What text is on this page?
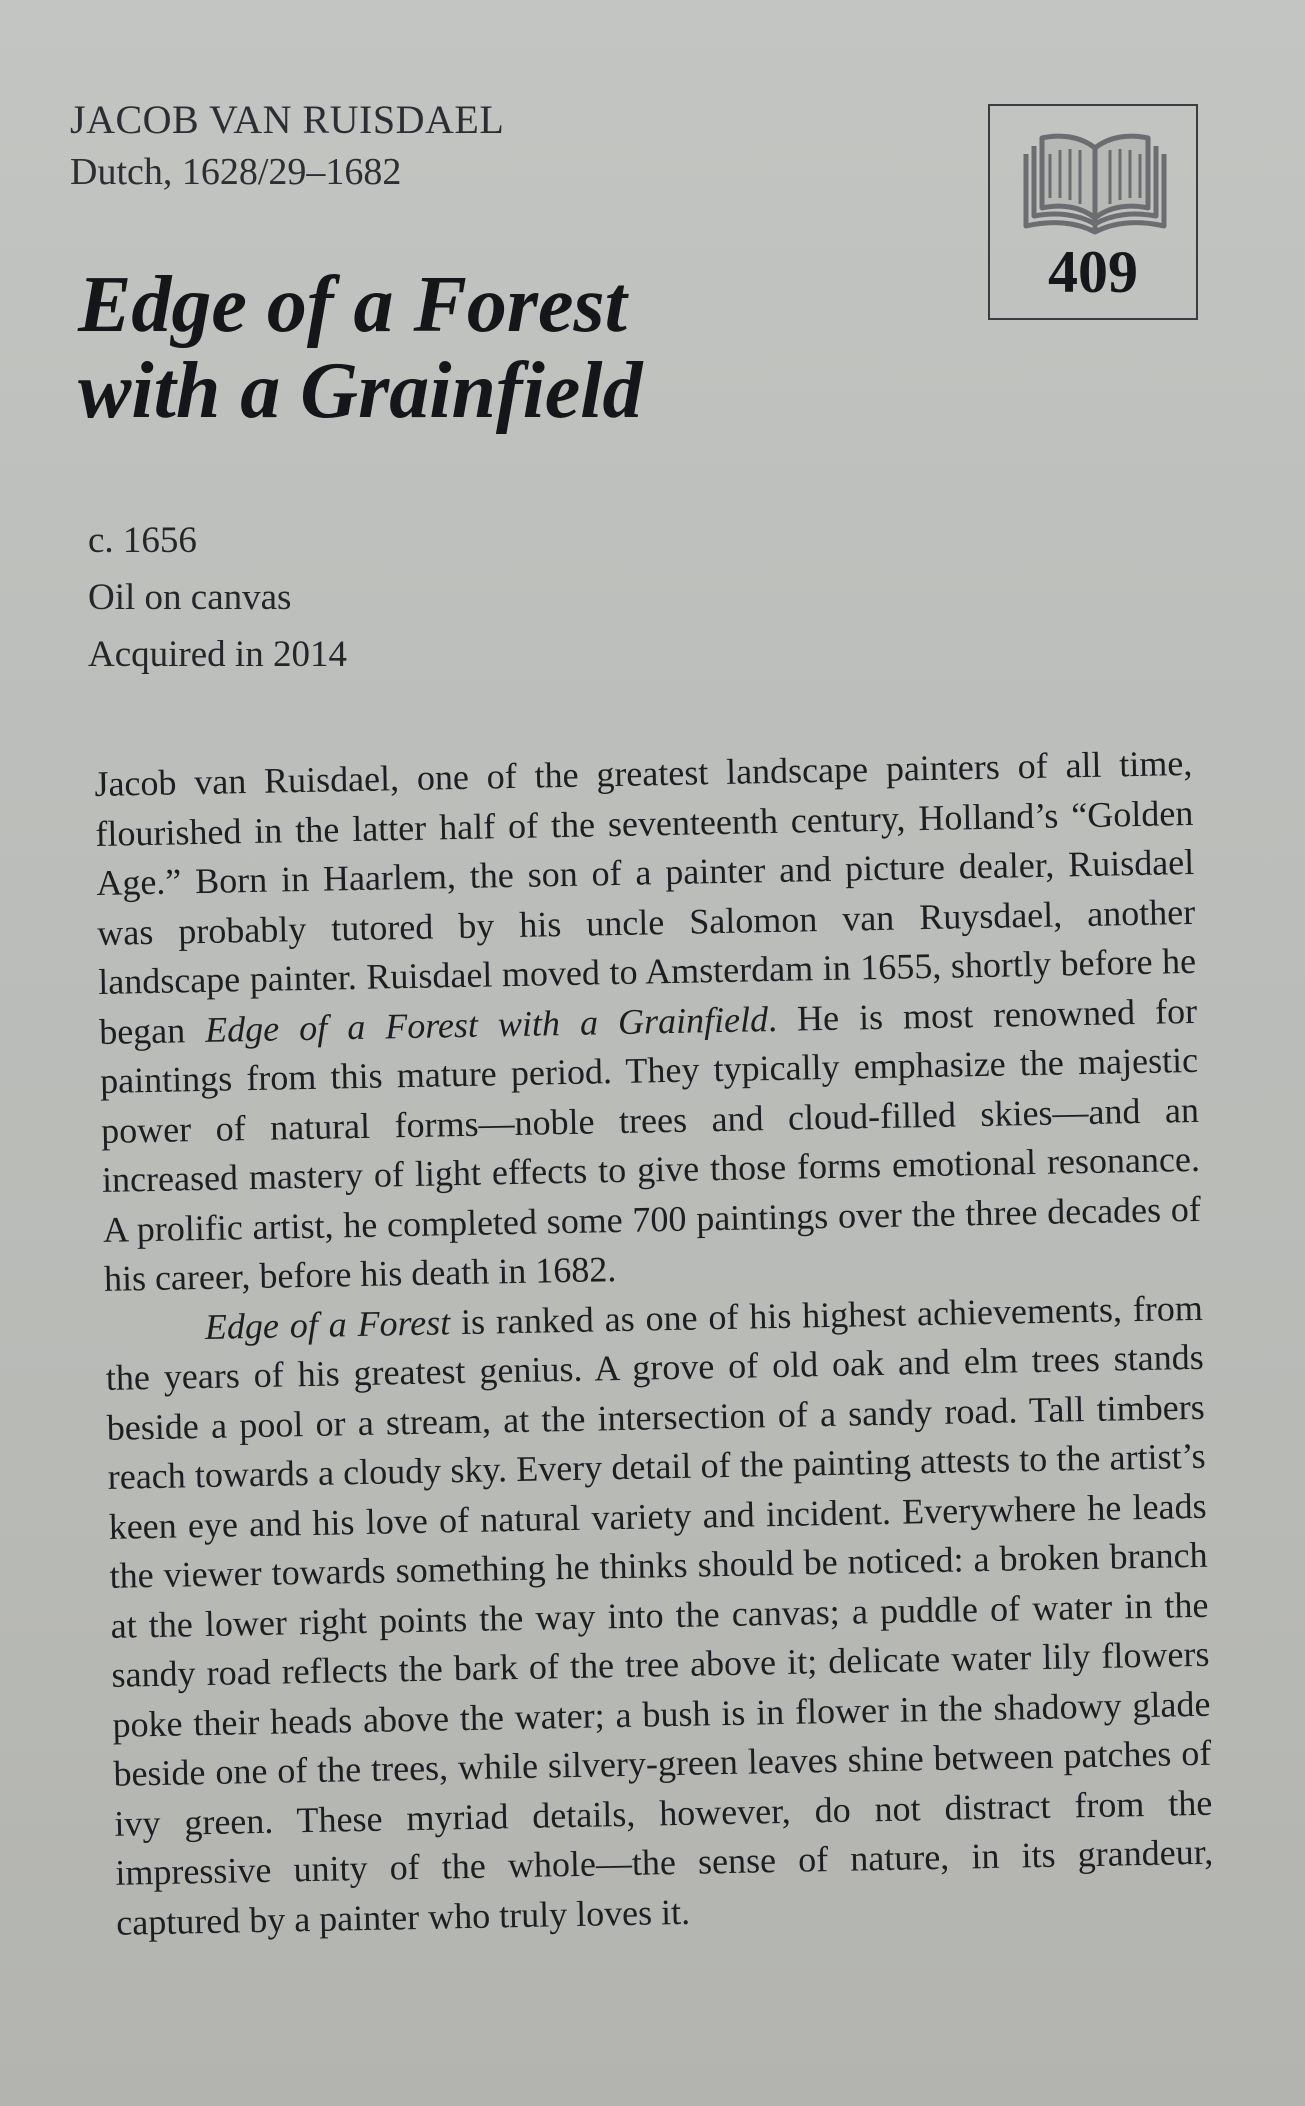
JACOB VAN RUISDAEL
Dutch, 1628/29–1682
Edge of a Forest
with a Grainfield
409
c. 1656
Oil on canvas
Acquired in 2014

Jacob van Ruisdael, one of the greatest landscape painters of all time, flourished in the latter half of the seventeenth century, Holland’s “Golden Age.” Born in Haarlem, the son of a painter and picture dealer, Ruisdael was probably tutored by his uncle Salomon van Ruysdael, another landscape painter. Ruisdael moved to Amsterdam in 1655, shortly before he began Edge of a Forest with a Grainfield. He is most renowned for paintings from this mature period. They typically emphasize the majestic power of natural forms—noble trees and cloud-filled skies—and an increased mastery of light effects to give those forms emotional resonance. A prolific artist, he completed some 700 paintings over the three decades of his career, before his death in 1682.

Edge of a Forest is ranked as one of his highest achievements, from the years of his greatest genius. A grove of old oak and elm trees stands beside a pool or a stream, at the intersection of a sandy road. Tall timbers reach towards a cloudy sky. Every detail of the painting attests to the artist’s keen eye and his love of natural variety and incident. Everywhere he leads the viewer towards something he thinks should be noticed: a broken branch at the lower right points the way into the canvas; a puddle of water in the sandy road reflects the bark of the tree above it; delicate water lily flowers poke their heads above the water; a bush is in flower in the shadowy glade beside one of the trees, while silvery-green leaves shine between patches of ivy green. These myriad details, however, do not distract from the impressive unity of the whole—the sense of nature, in its grandeur, captured by a painter who truly loves it.
